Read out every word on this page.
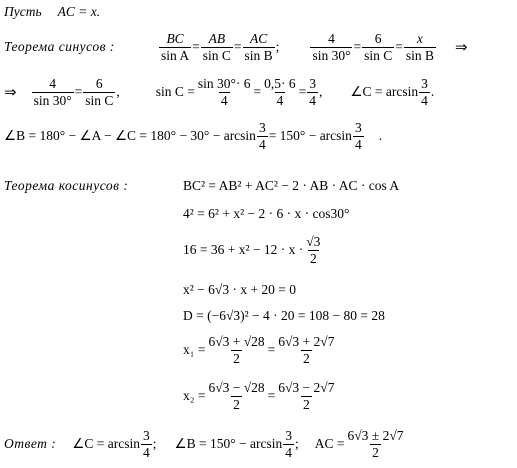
Пусть AC = x.
Теорема синусов :	$\frac{BC}{\text{sin A}} = \frac{AB}{\text{sin C}} = \frac{AC}{\text{sin B}}$ ; $\frac{4}{\sin 30^\circ} = \frac{6}{\text{sin C}} = \frac{x}{\text{sin B}}$ ⇒
⇒ $\frac{4}{\sin 30^\circ} = \frac{6}{\text{sin C}}$ ,	$\sin C = \frac{\sin 30^\circ\cdot 6}{4} = \frac{0,5\cdot 6}{4} = \frac{3}{4}$ , ∠C = $\arcsin \frac{3}{4}$ .
∠B = 180° − ∠A − ∠C = $180^\circ - 30^\circ - \arcsin \frac{3}{4} = 150^\circ - \arcsin \frac{3}{4}$ .
Теорема косинусов :	BC² = AB² + AC² − 2 · AB · AC · cos A
4² = 6² + x² − 2 · 6 · x · cos30°
$16 = 36 + x^2 - 12 \cdot x \cdot \frac{√3}{2}$
x² − 6√3 · x + 20 = 0
D = (−6√3)² − 4 · 20 = 108 − 80 = 28
$x_1 = \frac{6√3 + √28}{2} = \frac{6√3 + 2√7}{2}$
$x_2 = \frac{6√3 - √28}{2} = \frac{6√3 - 2√7}{2}$
Ответ : ∠C = $\arcsin \frac{3}{4}$ ; ∠B = $150^\circ - \arcsin \frac{3}{4}$ ; AC = $\frac{6√3 \pm 2√7}{2}$
